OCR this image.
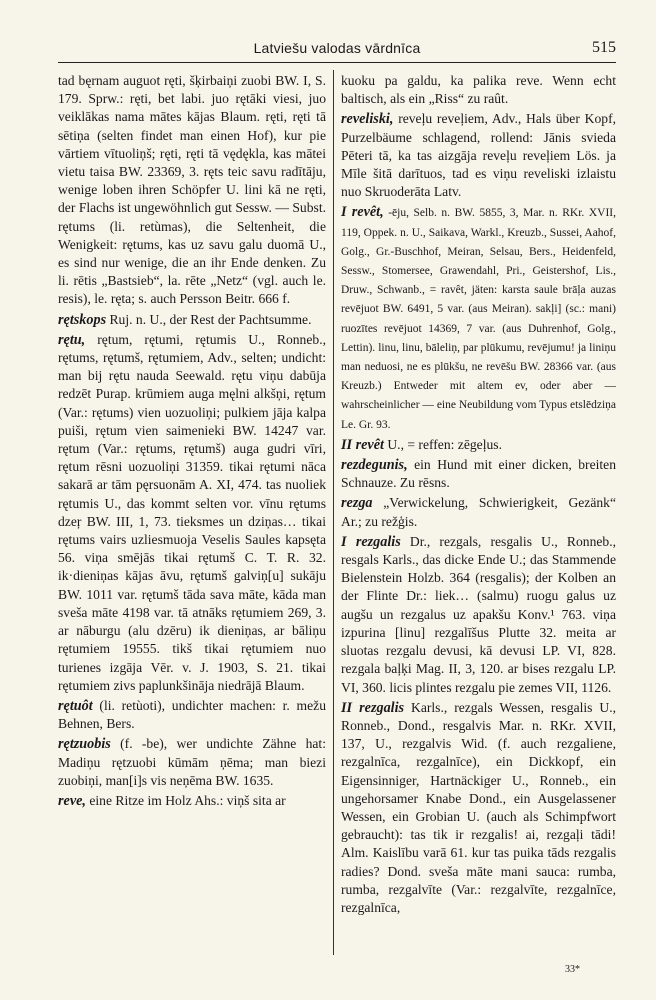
Latviešu valodas vārdnīca	515

tad bęrnam auguot ręti, šķirbaiņi zuobi BW. I, S. 179. Sprw.: ręti, bet labi. juo rętāki viesi, juo veiklākas nama mātes kājas Blaum. ręti, ręti tā sētiņa (selten findet man einen Hof), kur pie vārtiem vītuoliņš; ręti, ręti tā vędękla, kas mātei vietu taisa BW. 23369, 3. ręts teic savu radītāju, wenige loben ihren Schöpfer U. lini kā ne ręti, der Flachs ist ungewöhnlich gut Sessw. — Subst. rętums (li. retùmas), die Seltenheit, die Wenigkeit: rętums, kas uz savu galu duomā U., es sind nur wenige, die an ihr Ende denken. Zu li. rētis „Bastsieb“, la. rēte „Netz“ (vgl. auch le. resis), le. ręta; s. auch Persson Beitr. 666 f.

rętskops Ruj. n. U., der Rest der Pachtsumme.

rętu, rętum, rętumi, rętumis U., Ronneb., rętums, rętumš, rętumiem, Adv., selten; undicht: man bij rętu nauda Seewald. rętu viņu dabūja redzēt Purap. krūmiem auga męlni alkšņi, rętum (Var.: rętums) vien uozuoliņi; pulkiem jāja kalpa puiši, rętum vien saimenieki BW. 14247 var. rętum (Var.: rętums, rętumš) auga gudri vīri, rętum rēsni uozuoliņi 31359. tikai rętumi nāca sakarā ar tām pęrsuonām A. XI, 474. tas nuoliek rętumis U., das kommt selten vor. vīnu rętums dzeŗ BW. III, 1, 73. tieksmes un dziņas… tikai rętums vairs uzliesmuoja Veselis Saules kapsęta 56. viņa smējās tikai rętumš C. T. R. 32. ik·dieniņas kājas āvu, rętumš galviņ[u] sukāju BW. 1011 var. rętumš tāda sava māte, kāda man sveša māte 4198 var. tā atnāks rętumiem 269, 3. ar nāburgu (alu dzēru) ik dieniņas, ar bāliņu rętumiem 19555. tikš tikai rętumiem nuo turienes izgāja Vēr. v. J. 1903, S. 21. tikai rętumiem zivs paplunkšināja niedrājā Blaum.

rętuôt (li. retùoti), undichter machen: r. mežu Behnen, Bers.

rętzuobis (f. -be), wer undichte Zähne hat: Madiņu rętzuobi kūmām ņēma; man biezi zuobiņi, man[i]s vis neņēma BW. 1635.

reve, eine Ritze im Holz Ahs.: viņš sita ar

kuoku pa galdu, ka palika reve. Wenn echt baltisch, als ein „Riss“ zu raût.

reveliski, reveļu reveļiem, Adv., Hals über Kopf, Purzelbäume schlagend, rollend: Jānis svieda Pēteri tā, ka tas aizgāja reveļu reveļiem Lös. ja Mīle šitā darītuos, tad es viņu reveliski izlaistu nuo Skruoderāta Latv.

I revêt, -ēju, Selb. n. BW. 5855, 3, Mar. n. RKr. XVII, 119, Oppek. n. U., Saikava, Warkl., Kreuzb., Sussei, Aahof, Golg., Gr.-Buschhof, Meiran, Selsau, Bers., Heidenfeld, Sessw., Stomersee, Grawendahl, Pri., Geistershof, Lis., Druw., Schwanb., = ravêt, jäten: karsta saule brāļa auzas revējuot BW. 6491, 5 var. (aus Meiran). sakļi] (sc.: mani) ruozītes revējuot 14369, 7 var. (aus Duhrenhof, Golg., Lettin). linu, linu, bāleliņ, par plūkumu, revējumu! ja liniņu man neduosi, ne es plūkšu, ne revēšu BW. 28366 var. (aus Kreuzb.) Entweder mit altem ev, oder aber — wahrscheinlicher — eine Neubildung vom Typus etslēdziņa Le. Gr. 93.

II revêt U., = reffen: zēgeļus.

rezdegunis, ein Hund mit einer dicken, breiten Schnauze. Zu rēsns.

rezga „Verwickelung, Schwierigkeit, Gezänk“ Ar.; zu režģis.

I rezgalis Dr., rezgals, resgalis U., Ronneb., resgals Karls., das dicke Ende U.; das Stammende Bielenstein Holzb. 364 (resgalis); der Kolben an der Flinte Dr.: liek… (salmu) ruogu galus uz augšu un rezgalus uz apakšu Konv.¹ 763. viņa izpurina [linu] rezgalīšus Plutte 32. meita ar sluotas rezgalu devusi, kā devusi LP. VI, 828. rezgala baļķi Mag. II, 3, 120. ar bises rezgalu LP. VI, 360. licis plintes rezgalu pie zemes VII, 1126.

II rezgalis Karls., rezgals Wessen, resgalis U., Ronneb., Dond., resgalvis Mar. n. RKr. XVII, 137, U., rezgalvis Wid. (f. auch rezgaliene, rezgalnīca, rezgalnīce), ein Dickkopf, ein Eigensinniger, Hartnäckiger U., Ronneb., ein ungehorsamer Knabe Dond., ein Ausgelassener Wessen, ein Grobian U. (auch als Schimpfwort gebraucht): tas tik ir rezgalis! ai, rezgaļi tādi! Alm. Kaislību varā 61. kur tas puika tāds rezgalis radies? Dond. sveša māte mani sauca: rumba, rumba, rezgalvīte (Var.: rezgalvīte, rezgalnīce, rezgalnīca,

33*
